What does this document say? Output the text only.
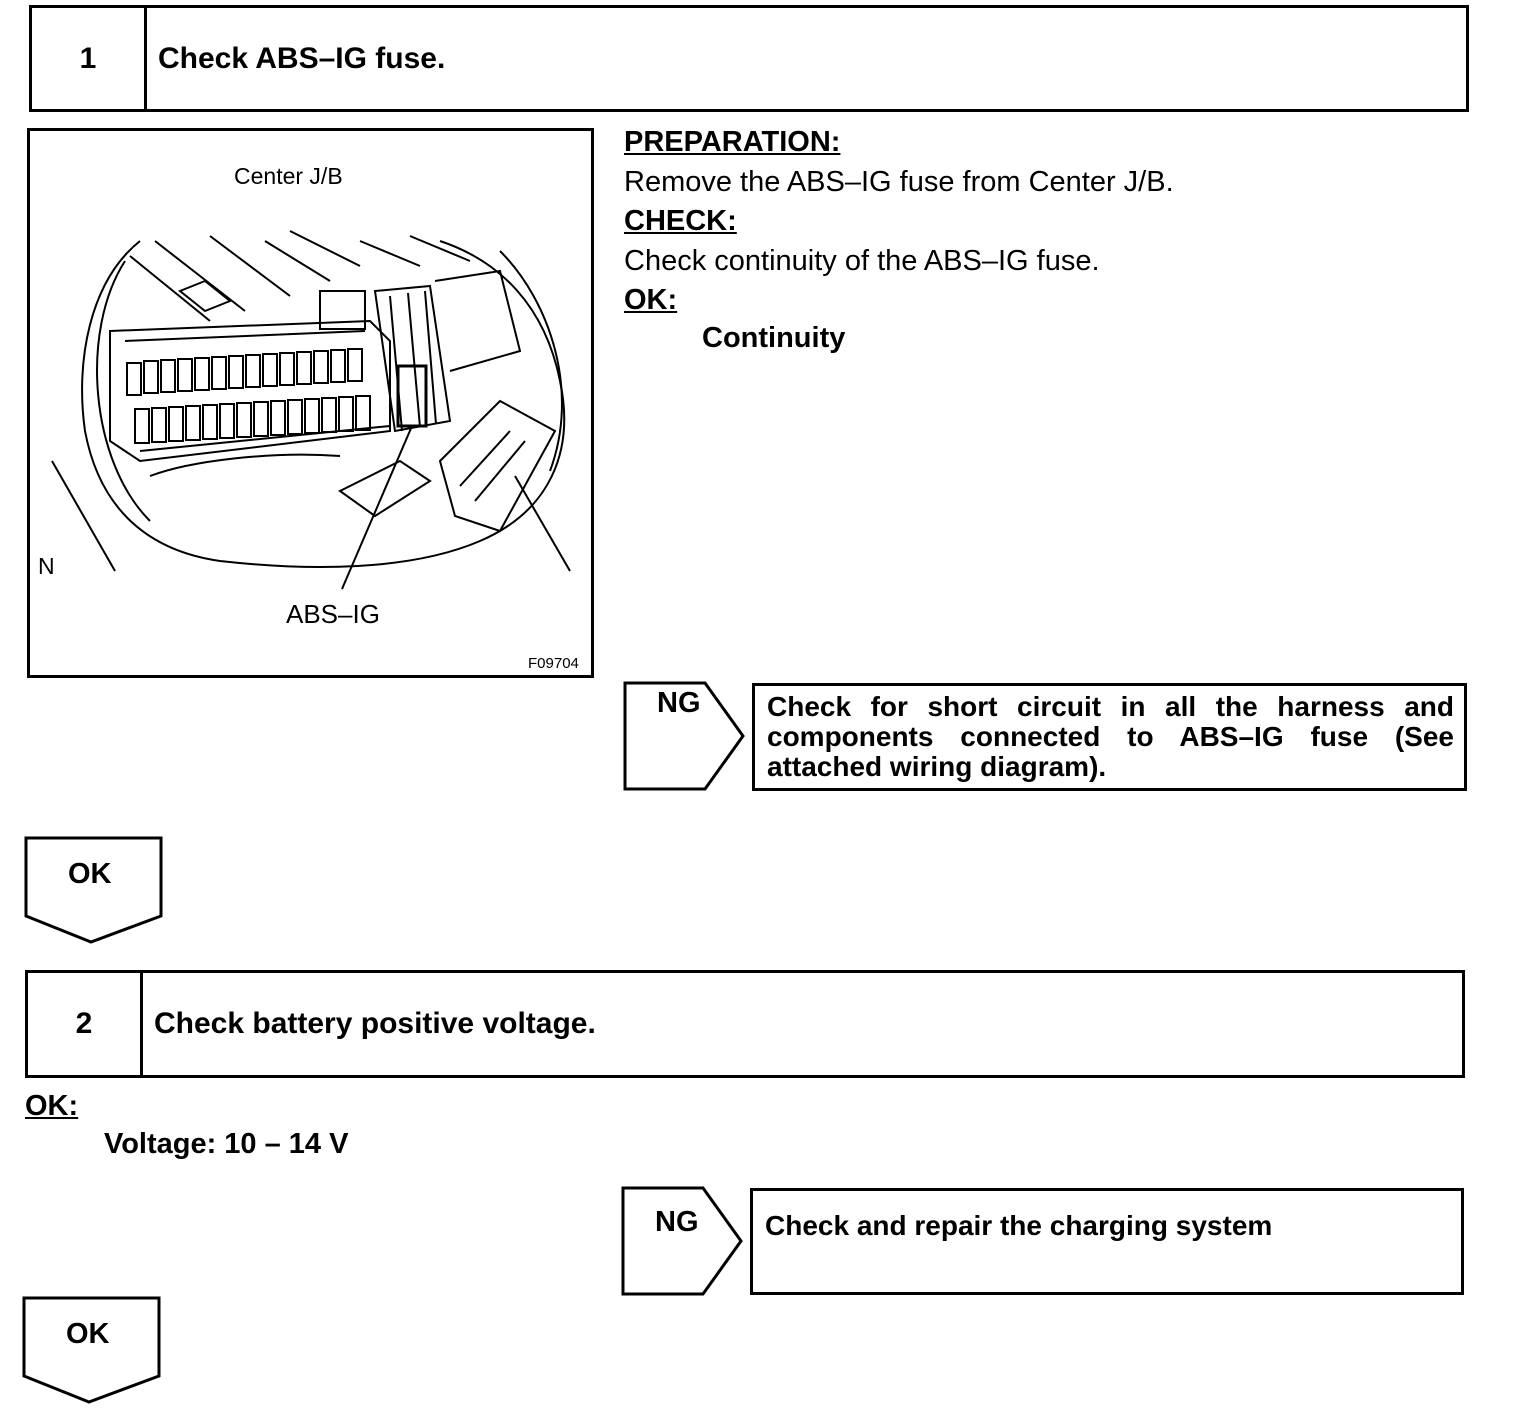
1	Check ABS–IG fuse.
Center J/B
N
ABS–IG
F09704
PREPARATION:
Remove the ABS–IG fuse from Center J/B.
CHECK:
Check continuity of the ABS–IG fuse.
OK:
Continuity
NG	Check for short circuit in all the harness and components connected to ABS–IG fuse (See attached wiring diagram).
OK
2	Check battery positive voltage.
OK:
Voltage: 10 – 14 V
NG	Check and repair the charging system
OK
